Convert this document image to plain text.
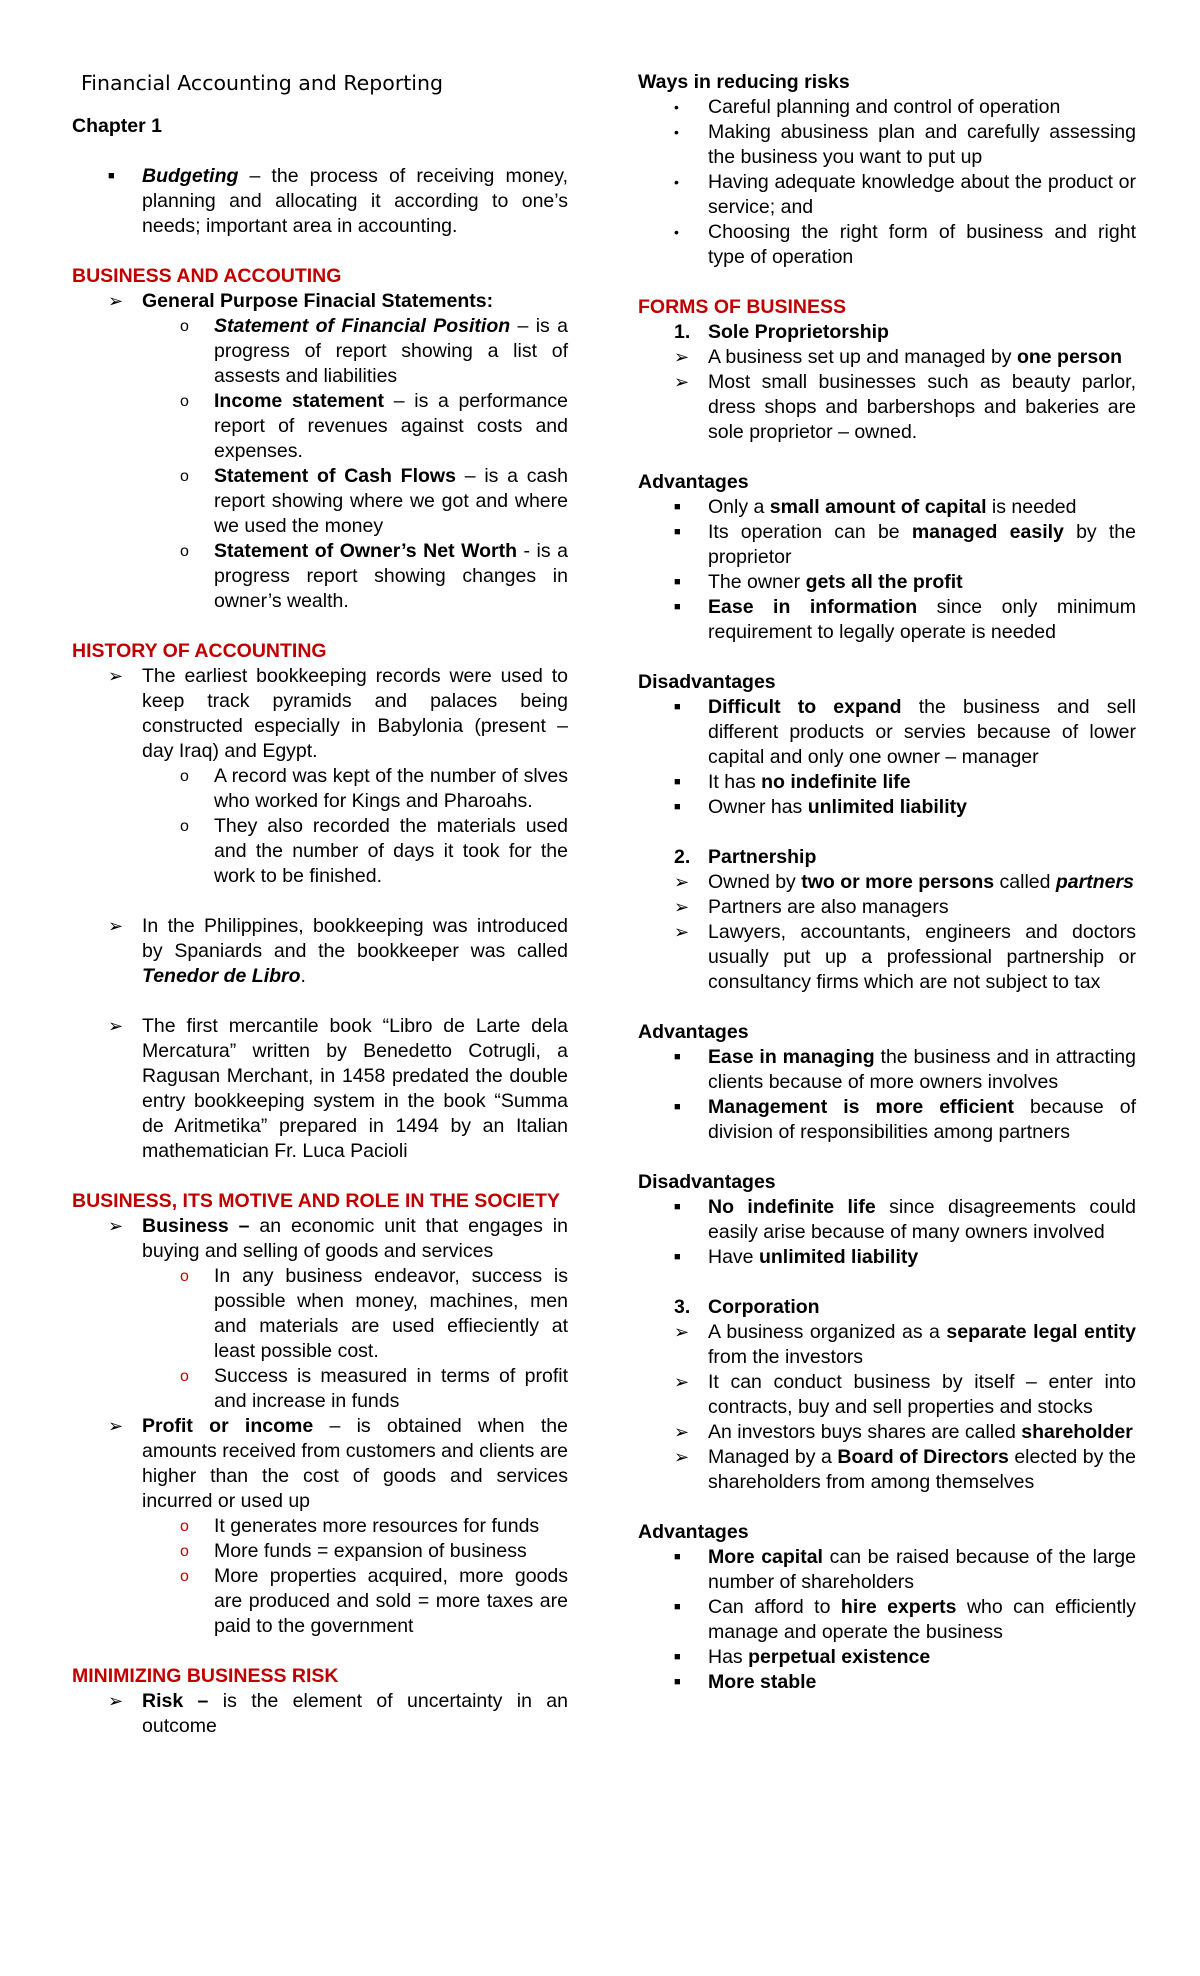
Financial Accounting and Reporting
Chapter 1
■ Budgeting – the process of receiving money, planning and allocating it according to one’s needs; important area in accounting.
BUSINESS AND ACCOUTING
➢ General Purpose Finacial Statements:
o Statement of Financial Position – is a progress of report showing a list of assests and liabilities
o Income statement – is a performance report of revenues against costs and expenses.
o Statement of Cash Flows – is a cash report showing where we got and where we used the money
o Statement of Owner’s Net Worth - is a progress report showing changes in owner’s wealth.
HISTORY OF ACCOUNTING
➢ The earliest bookkeeping records were used to keep track pyramids and palaces being constructed especially in Babylonia (present – day Iraq) and Egypt.
o A record was kept of the number of slves who worked for Kings and Pharoahs.
o They also recorded the materials used and the number of days it took for the work to be finished.
➢ In the Philippines, bookkeeping was introduced by Spaniards and the bookkeeper was called Tenedor de Libro.
➢ The first mercantile book “Libro de Larte dela Mercatura” written by Benedetto Cotrugli, a Ragusan Merchant, in 1458 predated the double entry bookkeeping system in the book “Summa de Aritmetika” prepared in 1494 by an Italian mathematician Fr. Luca Pacioli
BUSINESS, ITS MOTIVE AND ROLE IN THE SOCIETY
➢ Business – an economic unit that engages in buying and selling of goods and services
o In any business endeavor, success is possible when money, machines, men and materials are used effieciently at least possible cost.
o Success is measured in terms of profit and increase in funds
➢ Profit or income – is obtained when the amounts received from customers and clients are higher than the cost of goods and services incurred or used up
o It generates more resources for funds
o More funds = expansion of business
o More properties acquired, more goods are produced and sold = more taxes are paid to the government
MINIMIZING BUSINESS RISK
➢ Risk – is the element of uncertainty in an outcome
Ways in reducing risks
• Careful planning and control of operation
• Making abusiness plan and carefully assessing the business you want to put up
• Having adequate knowledge about the product or service; and
• Choosing the right form of business and right type of operation
FORMS OF BUSINESS
1. Sole Proprietorship
➢ A business set up and managed by one person
➢ Most small businesses such as beauty parlor, dress shops and barbershops and bakeries are sole proprietor – owned.
Advantages
■ Only a small amount of capital is needed
■ Its operation can be managed easily by the proprietor
■ The owner gets all the profit
■ Ease in information since only minimum requirement to legally operate is needed
Disadvantages
■ Difficult to expand the business and sell different products or servies because of lower capital and only one owner – manager
■ It has no indefinite life
■ Owner has unlimited liability
2. Partnership
➢ Owned by two or more persons called partners
➢ Partners are also managers
➢ Lawyers, accountants, engineers and doctors usually put up a professional partnership or consultancy firms which are not subject to tax
Advantages
■ Ease in managing the business and in attracting clients because of more owners involves
■ Management is more efficient because of division of responsibilities among partners
Disadvantages
■ No indefinite life since disagreements could easily arise because of many owners involved
■ Have unlimited liability
3. Corporation
➢ A business organized as a separate legal entity from the investors
➢ It can conduct business by itself – enter into contracts, buy and sell properties and stocks
➢ An investors buys shares are called shareholder
➢ Managed by a Board of Directors elected by the shareholders from among themselves
Advantages
■ More capital can be raised because of the large number of shareholders
■ Can afford to hire experts who can efficiently manage and operate the business
■ Has perpetual existence
■ More stable
